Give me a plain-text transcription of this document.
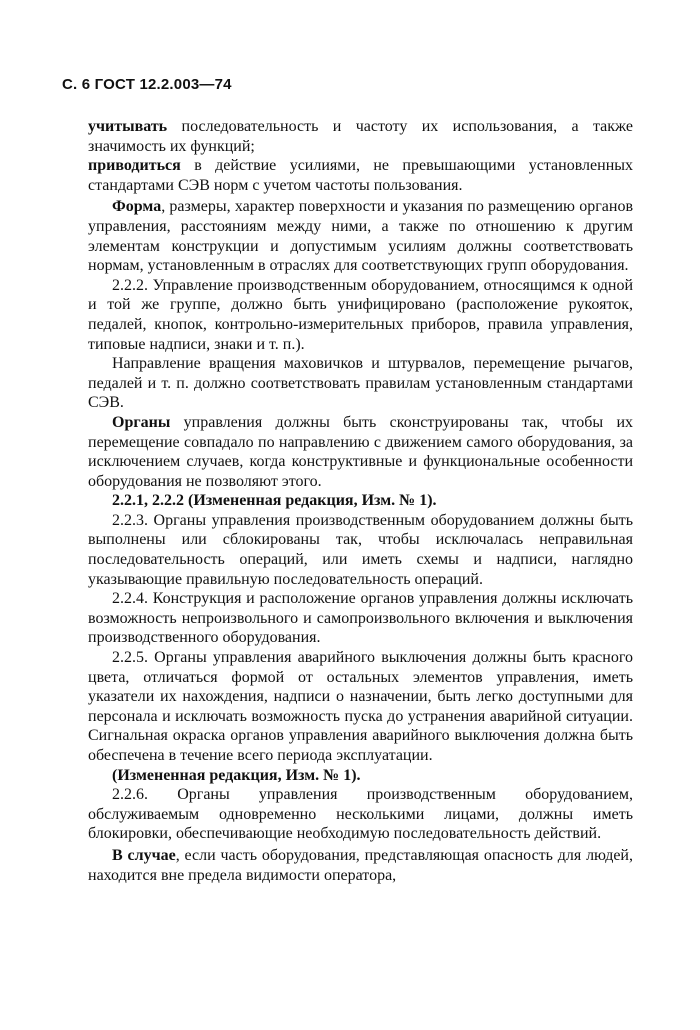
С. 6 ГОСТ 12.2.003—74

учитывать последовательность и частоту их использования, а также значимость их функций;

приводиться в действие усилиями, не превышающими установленных стандартами СЭВ норм с учетом частоты пользования.

Форма, размеры, характер поверхности и указания по размещению органов управления, расстояниям между ними, а также по отношению к другим элементам конструкции и допустимым усилиям должны соответствовать нормам, установленным в отраслях для соответствующих групп оборудования.

2.2.2. Управление производственным оборудованием, относящимся к одной и той же группе, должно быть унифицировано (расположение рукояток, педалей, кнопок, контрольно-измерительных приборов, правила управления, типовые надписи, знаки и т. п.).

Направление вращения маховичков и штурвалов, перемещение рычагов, педалей и т. п. должно соответствовать правилам установленным стандартами СЭВ.

Органы управления должны быть сконструированы так, чтобы их перемещение совпадало по направлению с движением самого оборудования, за исключением случаев, когда конструктивные и функциональные особенности оборудования не позволяют этого.

2.2.1, 2.2.2 (Измененная редакция, Изм. № 1).

2.2.3. Органы управления производственным оборудованием должны быть выполнены или сблокированы так, чтобы исключалась неправильная последовательность операций, или иметь схемы и надписи, наглядно указывающие правильную последовательность операций.

2.2.4. Конструкция и расположение органов управления должны исключать возможность непроизвольного и самопроизвольного включения и выключения производственного оборудования.

2.2.5. Органы управления аварийного выключения должны быть красного цвета, отличаться формой от остальных элементов управления, иметь указатели их нахождения, надписи о назначении, быть легко доступными для персонала и исключать возможность пуска до устранения аварийной ситуации. Сигнальная окраска органов управления аварийного выключения должна быть обеспечена в течение всего периода эксплуатации.

(Измененная редакция, Изм. № 1).

2.2.6. Органы управления производственным оборудованием, обслуживаемым одновременно несколькими лицами, должны иметь блокировки, обеспечивающие необходимую последовательность действий.

В случае, если часть оборудования, представляющая опасность для людей, находится вне предела видимости оператора,
